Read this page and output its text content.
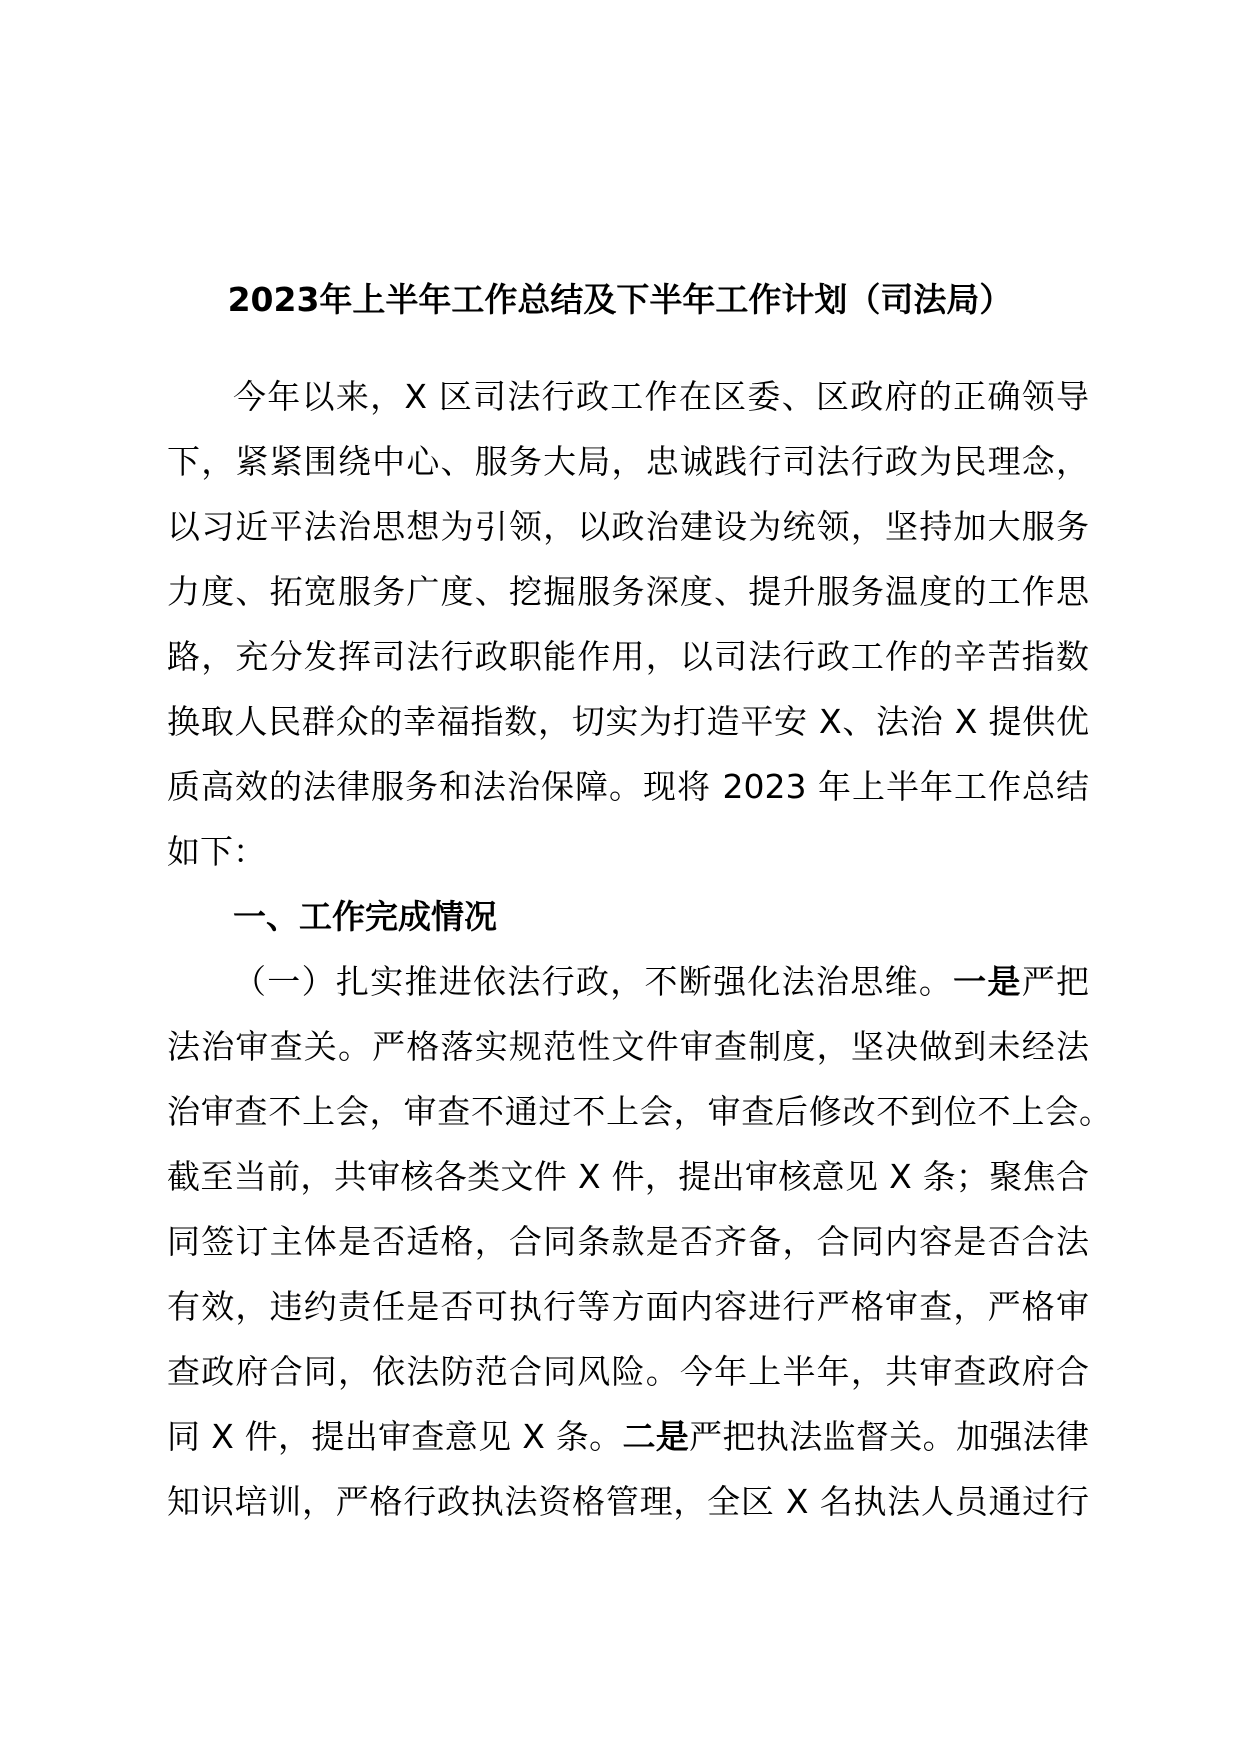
2023年上半年工作总结及下半年工作计划（司法局）
今年以来，X 区司法行政工作在区委、区政府的正确领导
下，紧紧围绕中心、服务大局，忠诚践行司法行政为民理念，
以习近平法治思想为引领，以政治建设为统领，坚持加大服务
力度、拓宽服务广度、挖掘服务深度、提升服务温度的工作思
路，充分发挥司法行政职能作用，以司法行政工作的辛苦指数
换取人民群众的幸福指数，切实为打造平安 X、法治 X 提供优
质高效的法律服务和法治保障。现将 2023 年上半年工作总结
如下：
一、工作完成情况
（一）扎实推进依法行政，不断强化法治思维。一是严把
法治审查关。严格落实规范性文件审查制度，坚决做到未经法
治审查不上会，审查不通过不上会，审查后修改不到位不上会。
截至当前，共审核各类文件 X 件，提出审核意见 X 条；聚焦合
同签订主体是否适格，合同条款是否齐备，合同内容是否合法
有效，违约责任是否可执行等方面内容进行严格审查，严格审
查政府合同，依法防范合同风险。今年上半年，共审查政府合
同 X 件，提出审查意见 X 条。二是严把执法监督关。加强法律
知识培训，严格行政执法资格管理，全区 X 名执法人员通过行
